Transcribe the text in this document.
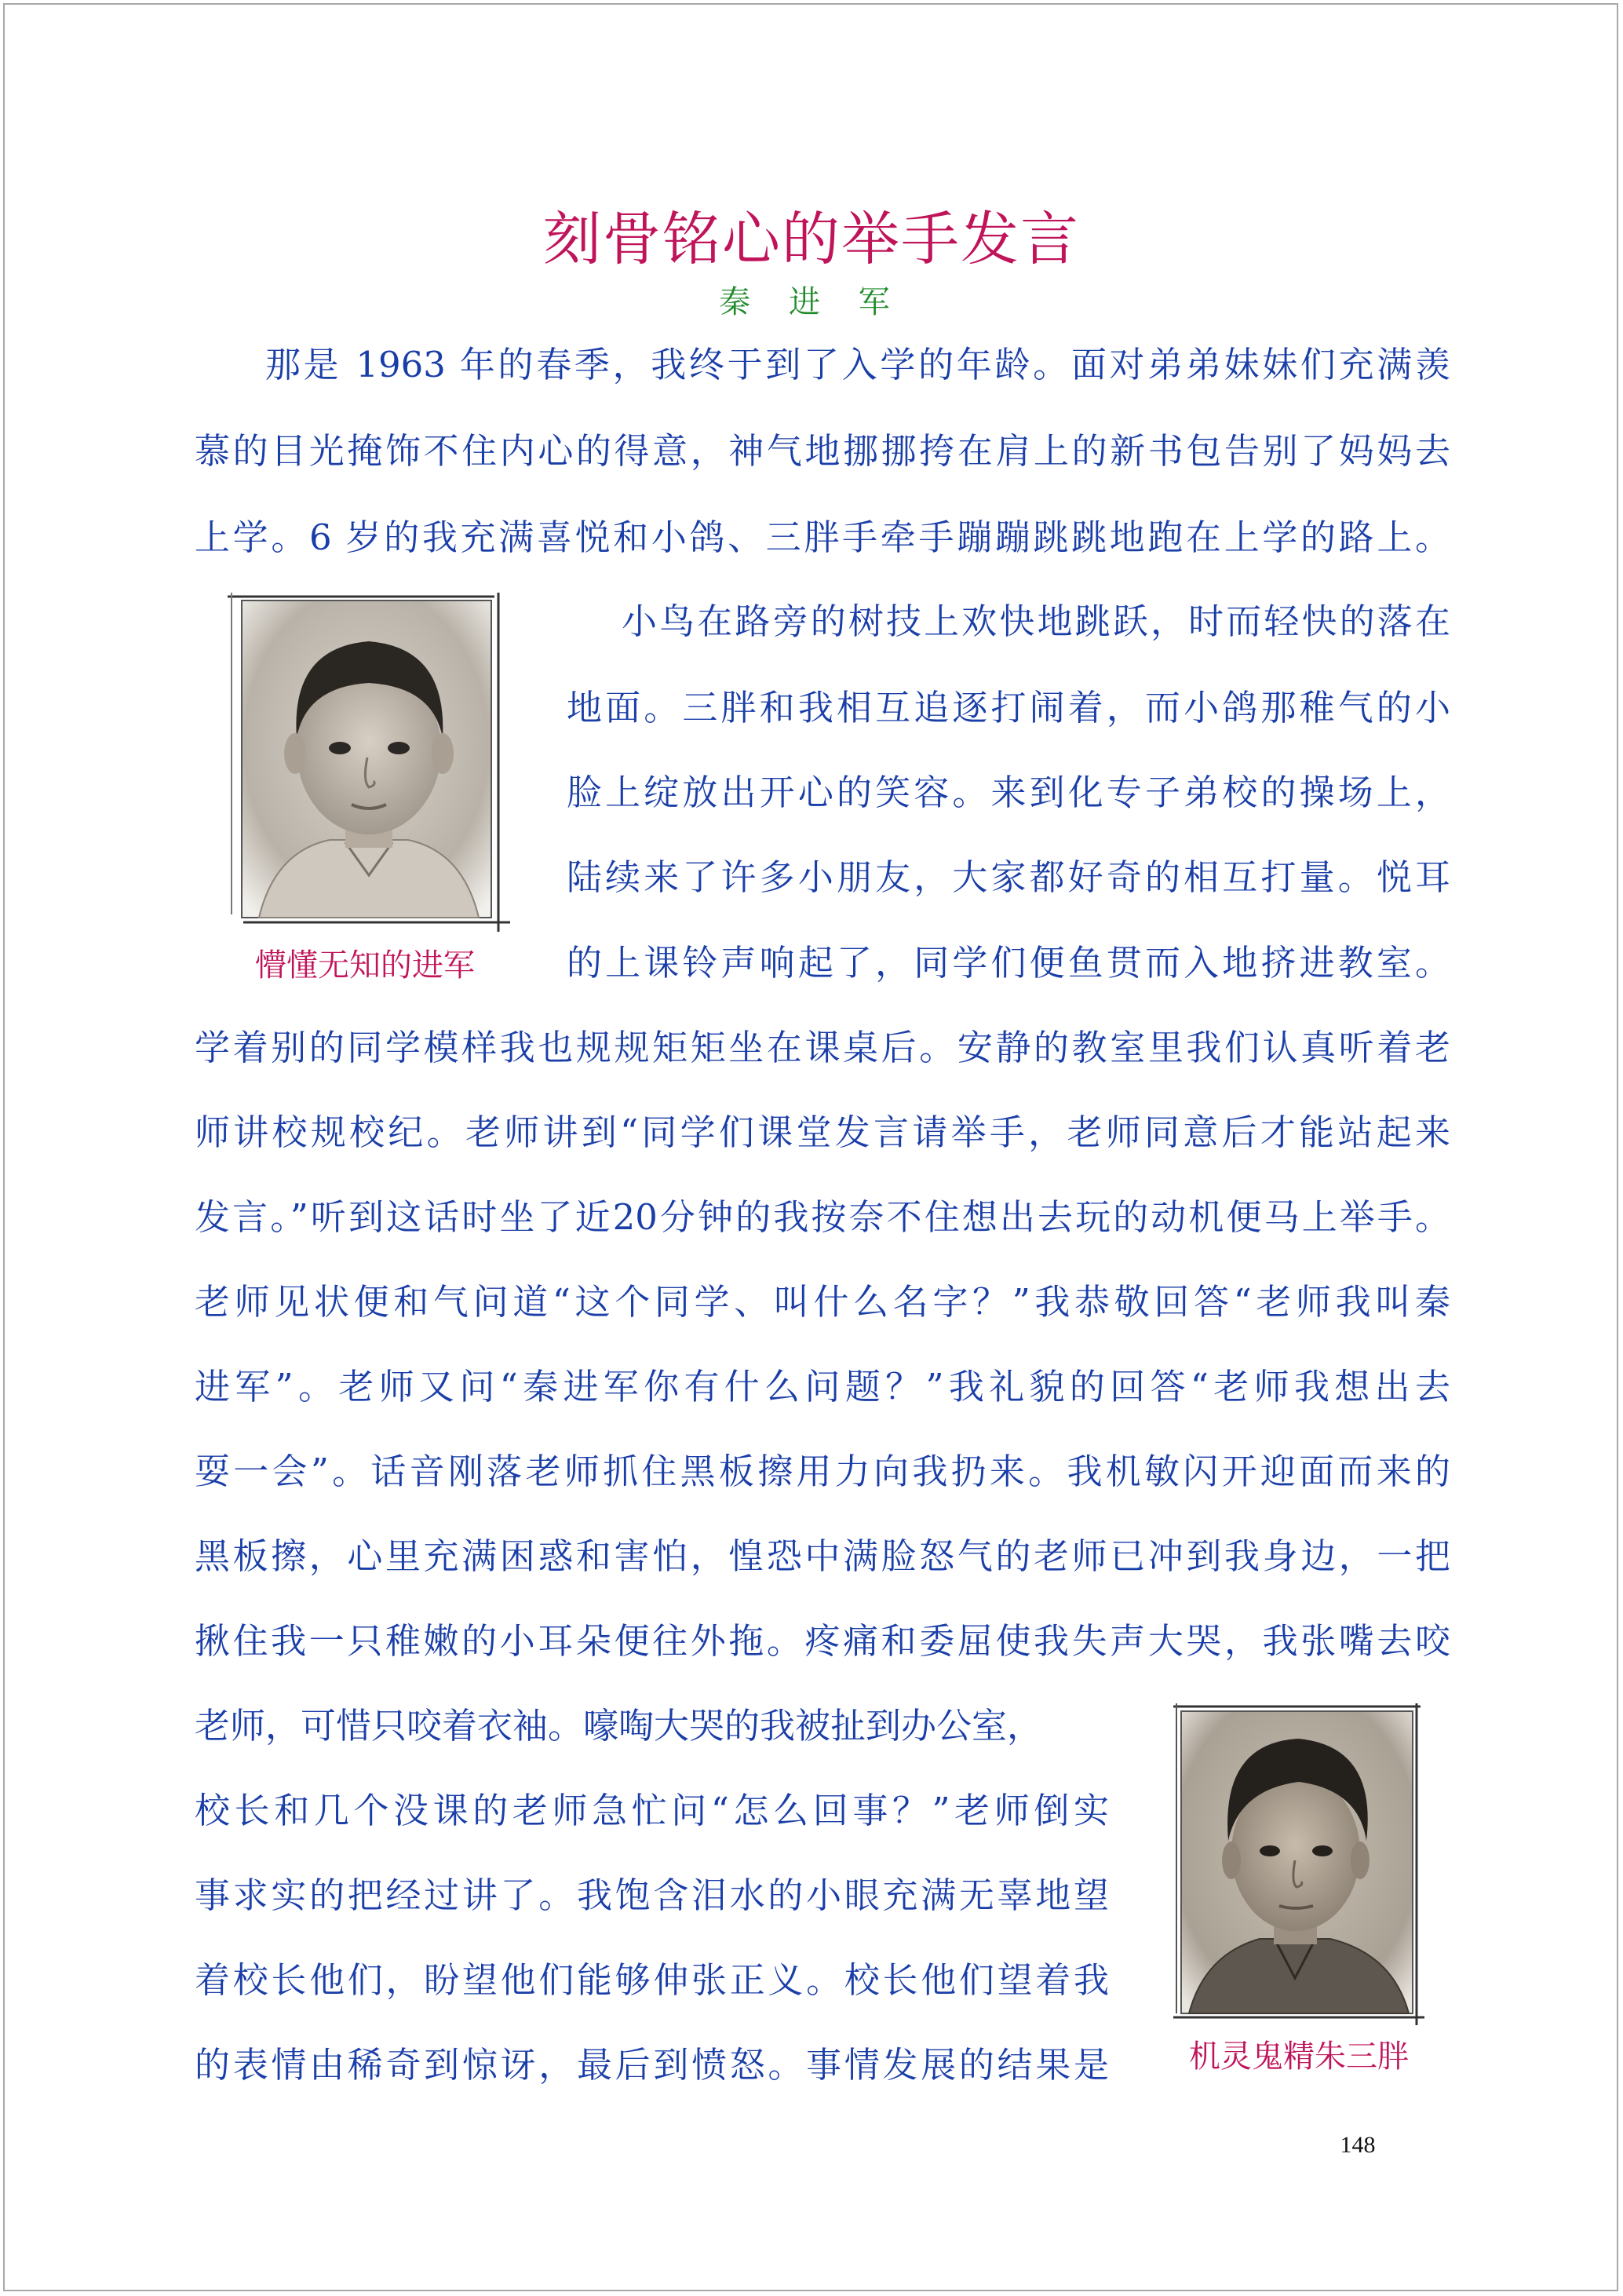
刻骨铭心的举手发言
秦 进 军
那是 1963 年的春季，我终于到了入学的年龄。面对弟弟妹妹们充满羡
慕的目光掩饰不住内心的得意，神气地挪挪挎在肩上的新书包告别了妈妈去
上学。6 岁的我充满喜悦和小鸽、三胖手牵手蹦蹦跳跳地跑在上学的路上。
小鸟在路旁的树技上欢快地跳跃，时而轻快的落在
地面。三胖和我相互追逐打闹着，而小鸽那稚气的小
脸上绽放出开心的笑容。来到化专子弟校的操场上，
陆续来了许多小朋友，大家都好奇的相互打量。悦耳
的上课铃声响起了，同学们便鱼贯而入地挤进教室。
学着别的同学模样我也规规矩矩坐在课桌后。安静的教室里我们认真听着老
师讲校规校纪。老师讲到“同学们课堂发言请举手，老师同意后才能站起来
发言。”听到这话时坐了近20分钟的我按奈不住想出去玩的动机便马上举手。
老师见状便和气问道“这个同学、叫什么名字？”我恭敬回答“老师我叫秦
进军”。老师又问“秦进军你有什么问题？”我礼貌的回答“老师我想出去
耍一会”。话音刚落老师抓住黑板擦用力向我扔来。我机敏闪开迎面而来的
黑板擦，心里充满困惑和害怕，惶恐中满脸怒气的老师已冲到我身边，一把
揪住我一只稚嫩的小耳朵便往外拖。疼痛和委屈使我失声大哭，我张嘴去咬
老师，可惜只咬着衣袖。嚎啕大哭的我被扯到办公室，
校长和几个没课的老师急忙问“怎么回事？”老师倒实
事求实的把经过讲了。我饱含泪水的小眼充满无辜地望
着校长他们，盼望他们能够伸张正义。校长他们望着我
的表情由稀奇到惊讶，最后到愤怒。事情发展的结果是
懵懂无知的进军
机灵鬼精朱三胖
148
